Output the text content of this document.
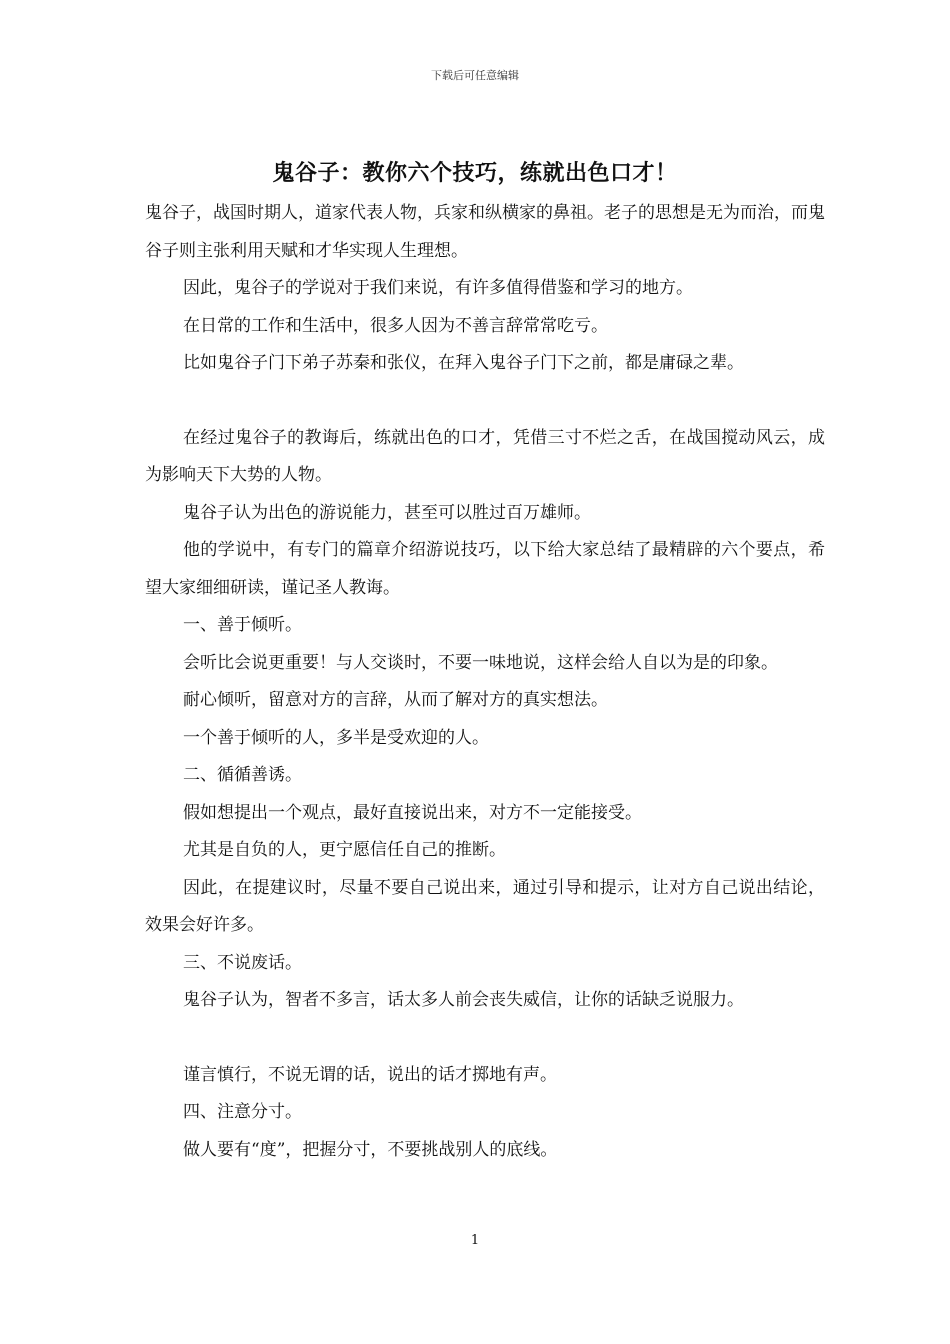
下载后可任意编辑
鬼谷子：教你六个技巧，练就出色口才！

鬼谷子，战国时期人，道家代表人物，兵家和纵横家的鼻祖。老子的思想是无为而治，而鬼谷子则主张利用天赋和才华实现人生理想。

因此，鬼谷子的学说对于我们来说，有许多值得借鉴和学习的地方。

在日常的工作和生活中，很多人因为不善言辞常常吃亏。

比如鬼谷子门下弟子苏秦和张仪，在拜入鬼谷子门下之前，都是庸碌之辈。

在经过鬼谷子的教诲后，练就出色的口才，凭借三寸不烂之舌，在战国搅动风云，成为影响天下大势的人物。

鬼谷子认为出色的游说能力，甚至可以胜过百万雄师。

他的学说中，有专门的篇章介绍游说技巧，以下给大家总结了最精辟的六个要点，希望大家细细研读，谨记圣人教诲。

一、善于倾听。

会听比会说更重要！与人交谈时，不要一味地说，这样会给人自以为是的印象。

耐心倾听，留意对方的言辞，从而了解对方的真实想法。

一个善于倾听的人，多半是受欢迎的人。

二、循循善诱。

假如想提出一个观点，最好直接说出来，对方不一定能接受。

尤其是自负的人，更宁愿信任自己的推断。

因此，在提建议时，尽量不要自己说出来，通过引导和提示，让对方自己说出结论，效果会好许多。

三、不说废话。

鬼谷子认为，智者不多言，话太多人前会丧失威信，让你的话缺乏说服力。

谨言慎行，不说无谓的话，说出的话才掷地有声。

四、注意分寸。

做人要有“度”，把握分寸，不要挑战别人的底线。

1
